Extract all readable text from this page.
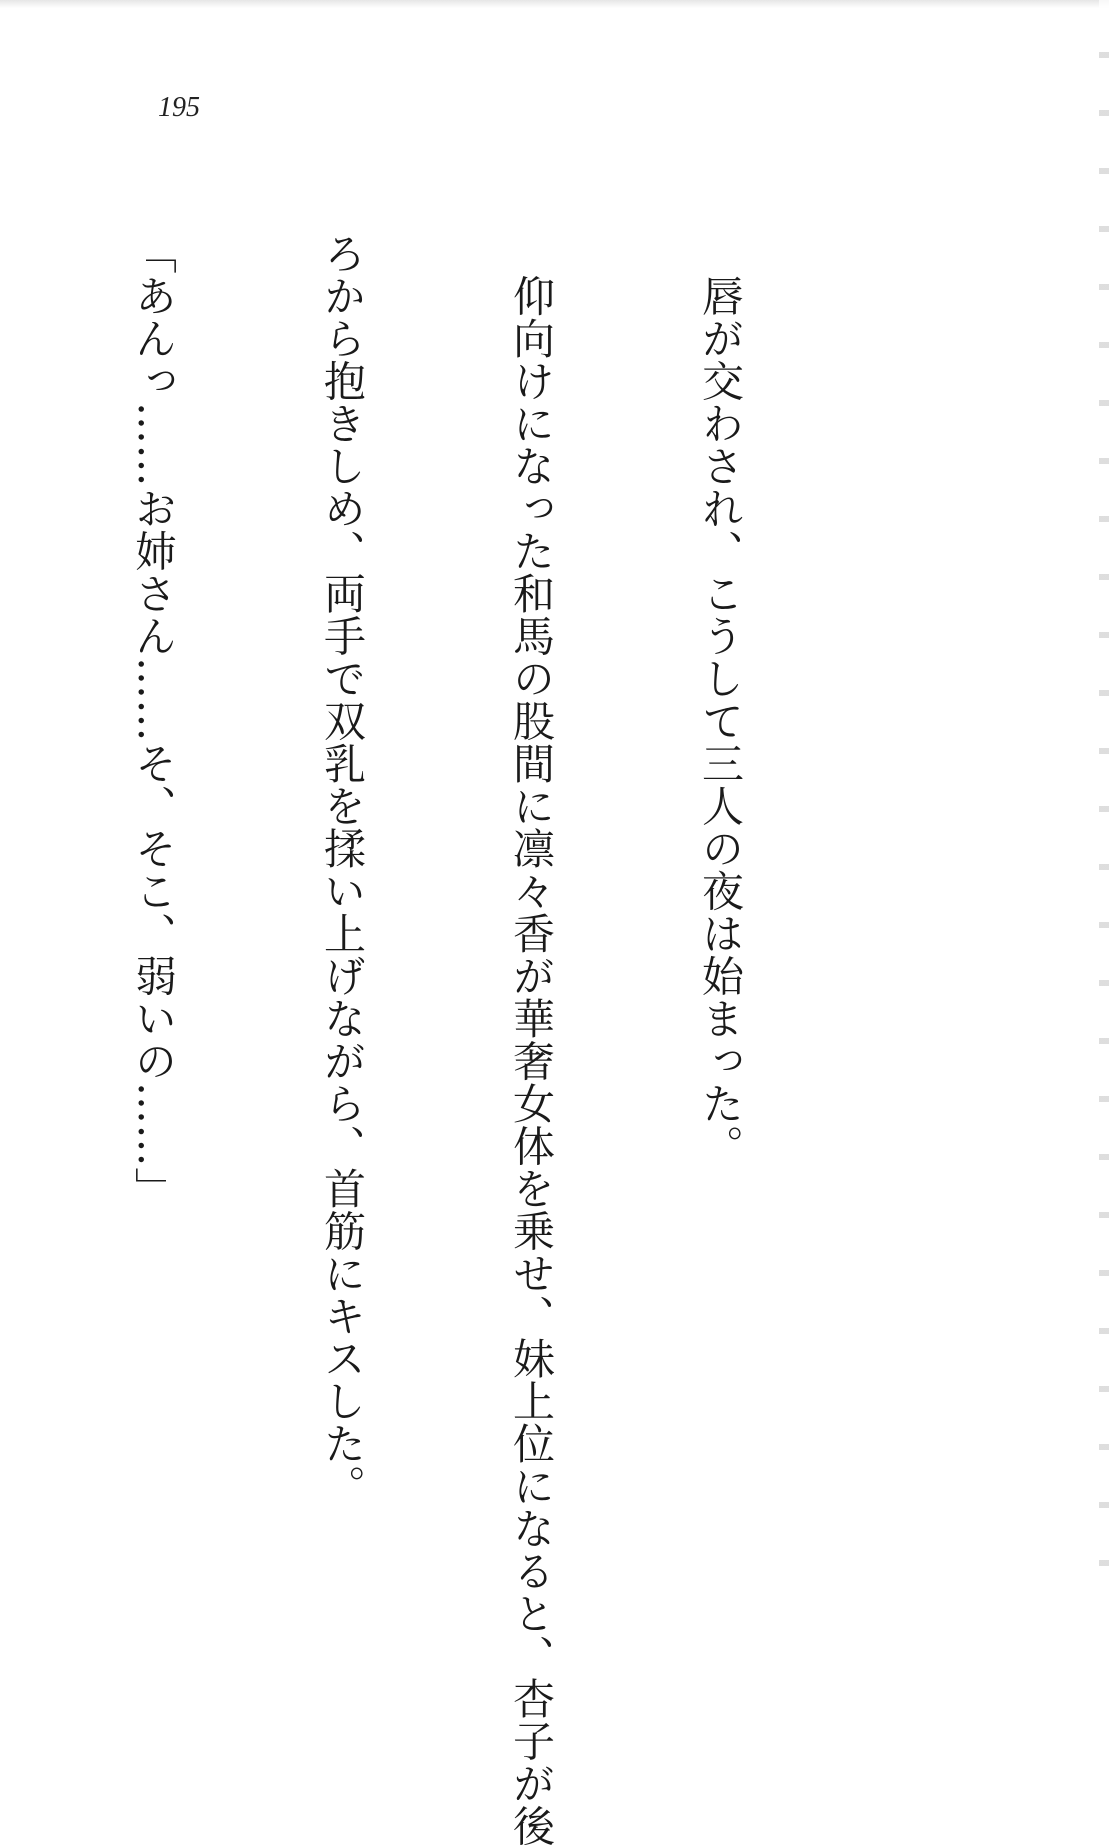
195

　唇が交わされ、こうして三人の夜は始まった。

　仰向けになった和馬の股間に凛々香が華奢女体を乗せ、妹上位になると、杏子が後

ろから抱きしめ、両手で双乳を揉い上げながら、首筋にキスした。

「あんっ……お姉さん……そ、そこ、弱いの……」
